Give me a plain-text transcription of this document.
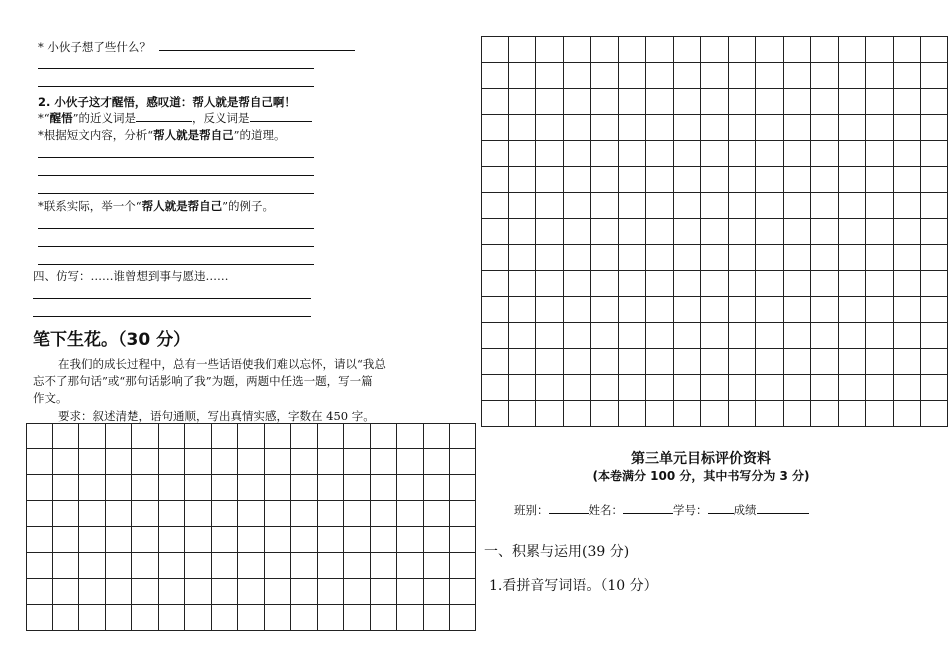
* 小伙子想了些什么？
2. 小伙子这才醒悟，感叹道：帮人就是帮自己啊！
*“醒悟”的近义词是	，反义词是
*根据短文内容，分析“帮人就是帮自己”的道理。
*联系实际，举一个“帮人就是帮自己”的例子。
四、仿写：……谁曾想到事与愿违……
笔下生花。（30 分）
在我们的成长过程中，总有一些话语使我们难以忘怀，请以“我总
忘不了那句话”或“那句话影响了我”为题，两题中任选一题，写一篇
作文。
要求：叙述清楚，语句通顺，写出真情实感，字数在 450 字。
第三单元目标评价资料
(本卷满分 100 分，其中书写分为 3 分)
班别：	姓名：	学号： 成绩
一、积累与运用(39 分)
1.看拼音写词语。（10 分）
